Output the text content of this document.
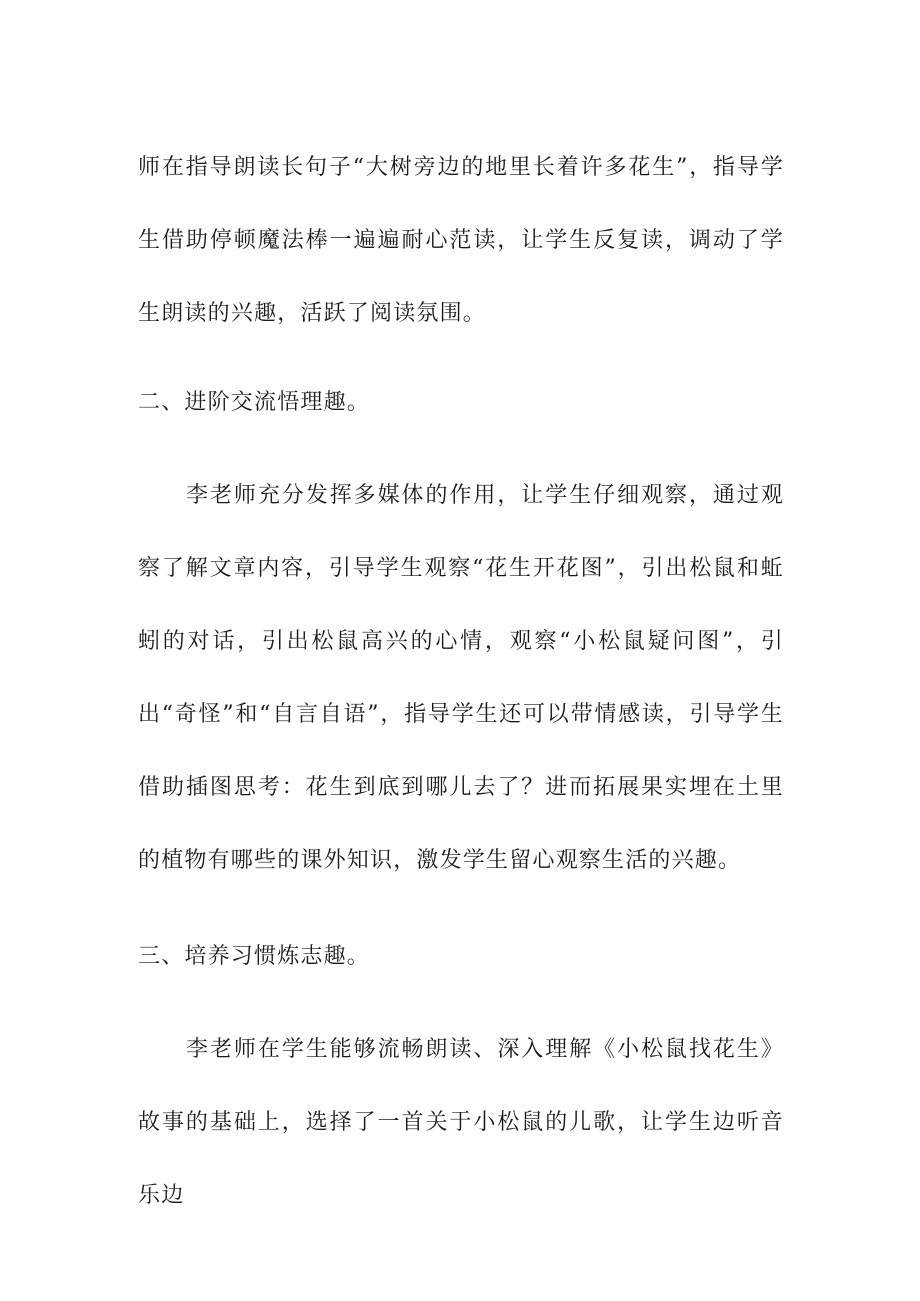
师在指导朗读长句子“大树旁边的地里长着许多花生”，指导学生借助停顿魔法棒一遍遍耐心范读，让学生反复读，调动了学生朗读的兴趣，活跃了阅读氛围。

二、进阶交流悟理趣。

李老师充分发挥多媒体的作用，让学生仔细观察，通过观察了解文章内容，引导学生观察“花生开花图”，引出松鼠和蚯蚓的对话，引出松鼠高兴的心情，观察“小松鼠疑问图”，引出“奇怪”和“自言自语”，指导学生还可以带情感读，引导学生借助插图思考：花生到底到哪儿去了？进而拓展果实埋在土里的植物有哪些的课外知识，激发学生留心观察生活的兴趣。

三、培养习惯炼志趣。

李老师在学生能够流畅朗读、深入理解《小松鼠找花生》故事的基础上，选择了一首关于小松鼠的儿歌，让学生边听音乐边
